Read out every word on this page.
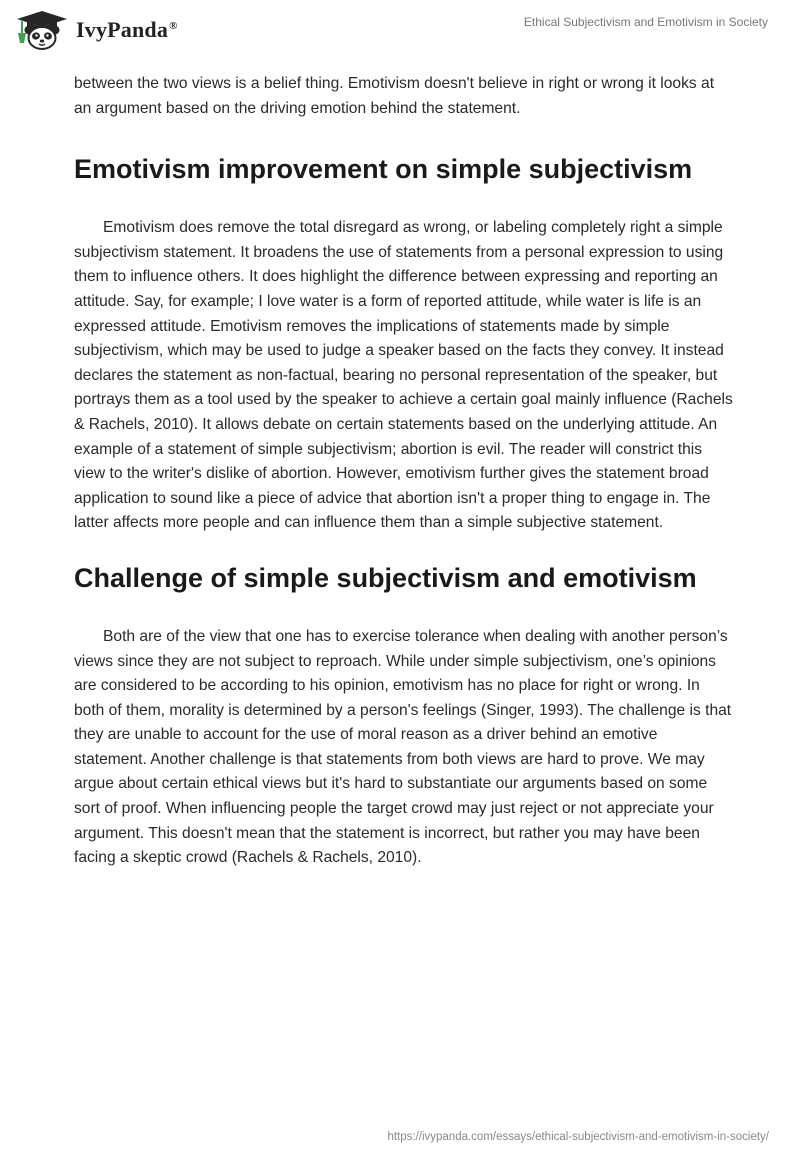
IvyPanda®	Ethical Subjectivism and Emotivism in Society

between the two views is a belief thing. Emotivism doesn't believe in right or wrong it looks at an argument based on the driving emotion behind the statement.

Emotivism improvement on simple subjectivism

Emotivism does remove the total disregard as wrong, or labeling completely right a simple subjectivism statement. It broadens the use of statements from a personal expression to using them to influence others. It does highlight the difference between expressing and reporting an attitude. Say, for example; I love water is a form of reported attitude, while water is life is an expressed attitude. Emotivism removes the implications of statements made by simple subjectivism, which may be used to judge a speaker based on the facts they convey. It instead declares the statement as non-factual, bearing no personal representation of the speaker, but portrays them as a tool used by the speaker to achieve a certain goal mainly influence (Rachels & Rachels, 2010). It allows debate on certain statements based on the underlying attitude. An example of a statement of simple subjectivism; abortion is evil. The reader will constrict this view to the writer's dislike of abortion. However, emotivism further gives the statement broad application to sound like a piece of advice that abortion isn't a proper thing to engage in. The latter affects more people and can influence them than a simple subjective statement.

Challenge of simple subjectivism and emotivism

Both are of the view that one has to exercise tolerance when dealing with another person’s views since they are not subject to reproach. While under simple subjectivism, one’s opinions are considered to be according to his opinion, emotivism has no place for right or wrong. In both of them, morality is determined by a person's feelings (Singer, 1993). The challenge is that they are unable to account for the use of moral reason as a driver behind an emotive statement. Another challenge is that statements from both views are hard to prove. We may argue about certain ethical views but it's hard to substantiate our arguments based on some sort of proof. When influencing people the target crowd may just reject or not appreciate your argument. This doesn't mean that the statement is incorrect, but rather you may have been facing a skeptic crowd (Rachels & Rachels, 2010).

https://ivypanda.com/essays/ethical-subjectivism-and-emotivism-in-society/
